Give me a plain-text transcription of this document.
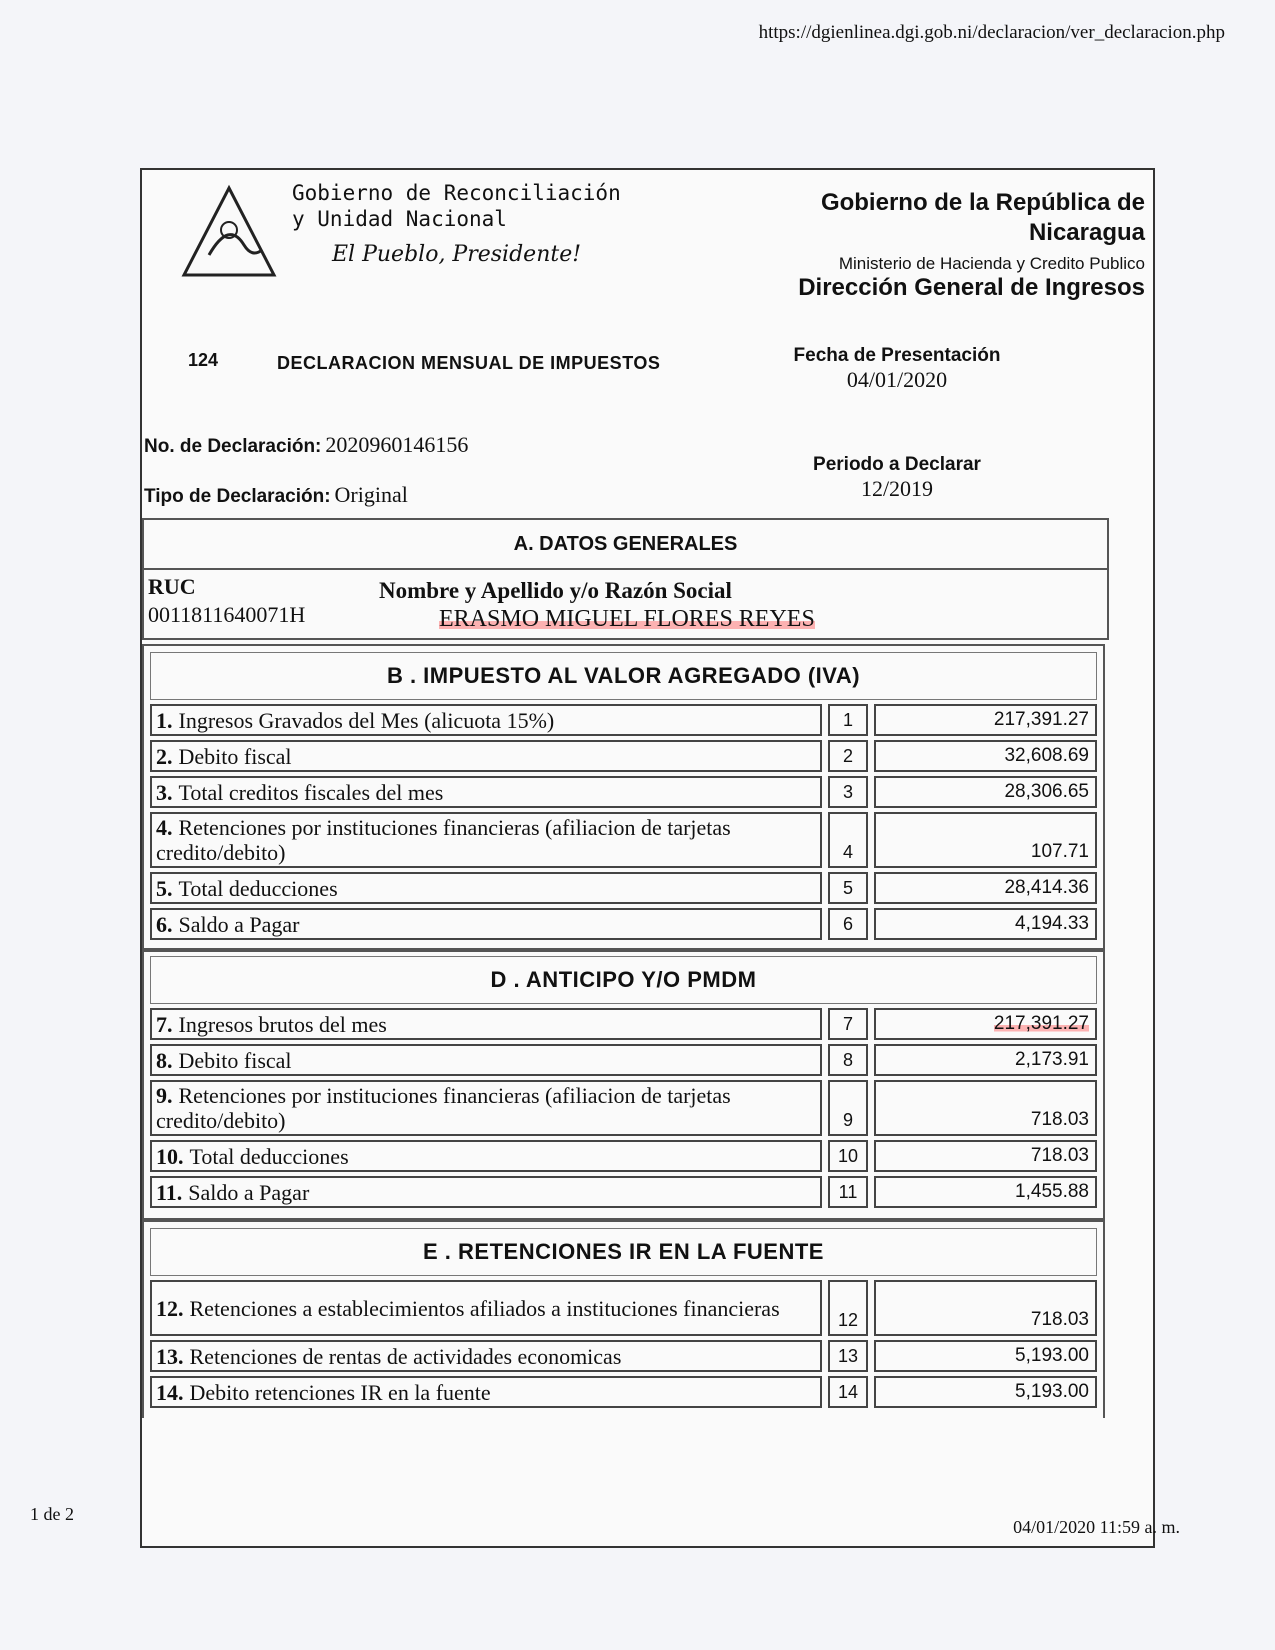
https://dgienlinea.dgi.gob.ni/declaracion/ver_declaracion.php
Gobierno de Reconciliación
y Unidad Nacional
El Pueblo, Presidente!
Gobierno de la República de
Nicaragua
Ministerio de Hacienda y Credito Publico
Dirección General de Ingresos
124	DECLARACION MENSUAL DE IMPUESTOS	Fecha de Presentación
04/01/2020
No. de Declaración: 2020960146156
Tipo de Declaración: Original
Periodo a Declarar
12/2019
A. DATOS GENERALES
RUC
0011811640071H
Nombre y Apellido y/o Razón Social
ERASMO MIGUEL FLORES REYES
B . IMPUESTO AL VALOR AGREGADO (IVA)
1. Ingresos Gravados del Mes (alicuota 15%)	1	217,391.27
2. Debito fiscal	2	32,608.69
3. Total creditos fiscales del mes	3	28,306.65
4. Retenciones por instituciones financieras (afiliacion de tarjetas credito/debito)	4	107.71
5. Total deducciones	5	28,414.36
6. Saldo a Pagar	6	4,194.33
D . ANTICIPO Y/O PMDM
7. Ingresos brutos del mes	7	217,391.27
8. Debito fiscal	8	2,173.91
9. Retenciones por instituciones financieras (afiliacion de tarjetas credito/debito)	9	718.03
10. Total deducciones	10	718.03
11. Saldo a Pagar	11	1,455.88
E . RETENCIONES IR EN LA FUENTE
12. Retenciones a establecimientos afiliados a instituciones financieras	12	718.03
13. Retenciones de rentas de actividades economicas	13	5,193.00
14. Debito retenciones IR en la fuente	14	5,193.00
1 de 2
04/01/2020 11:59 a. m.
